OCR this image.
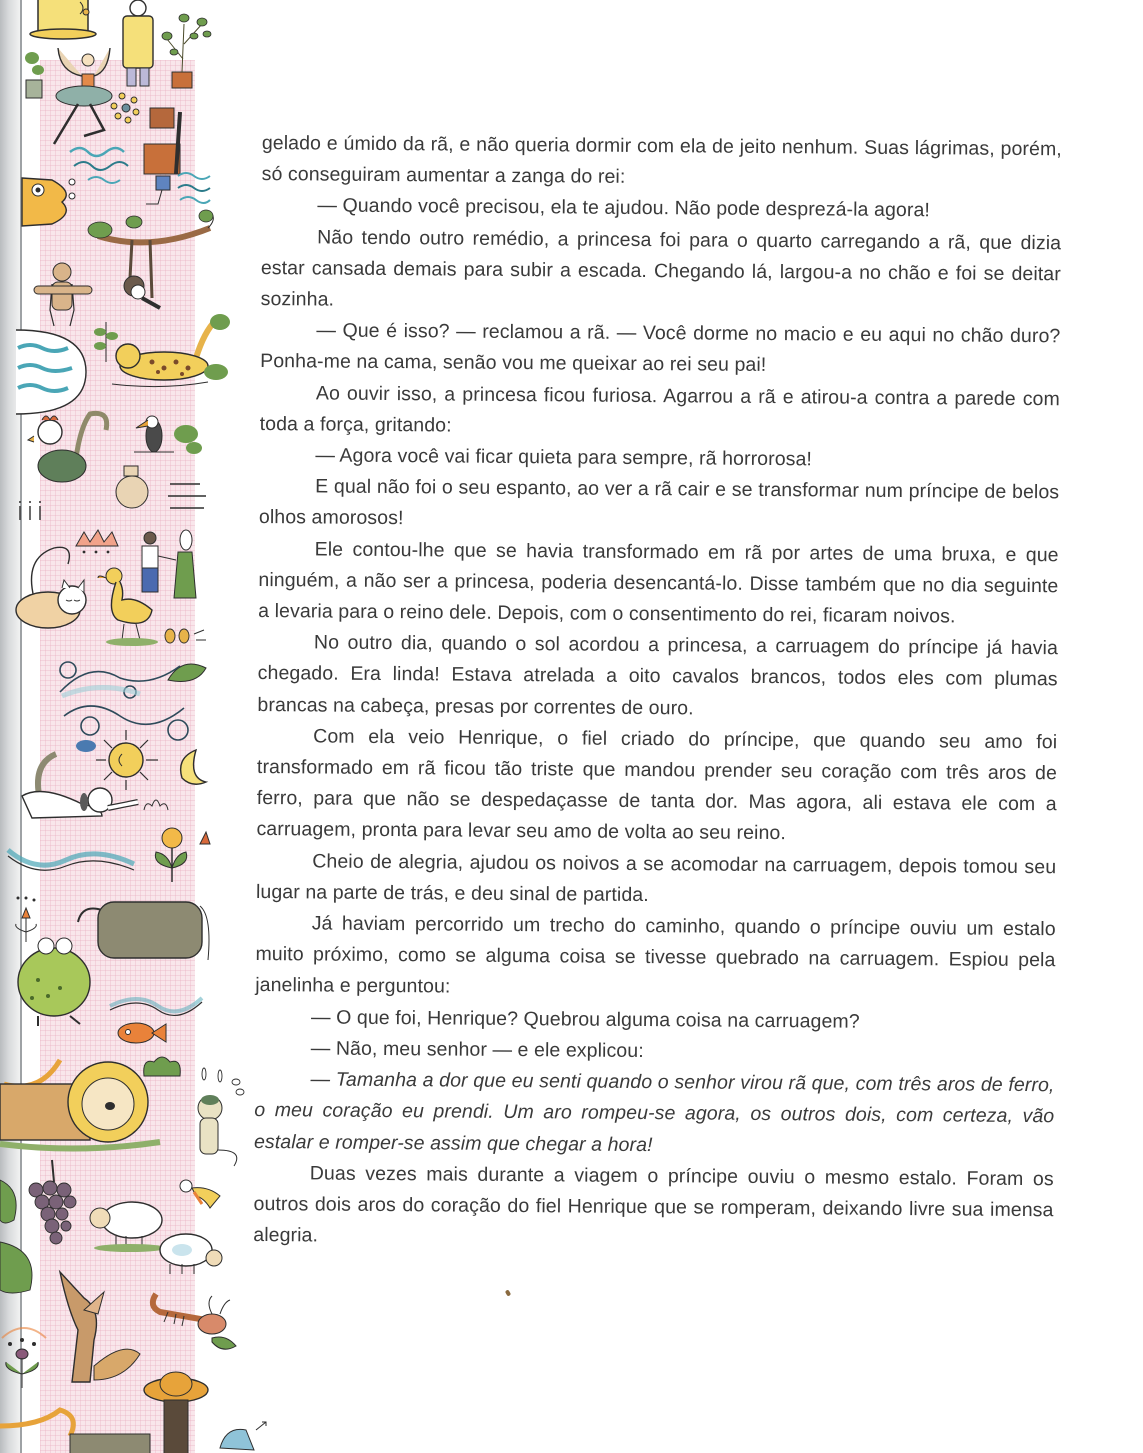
gelado e úmido da rã, e não queria dormir com ela de jeito nenhum. Suas lágrimas, porém, só conseguiram aumentar a zanga do rei:

— Quando você precisou, ela te ajudou. Não pode desprezá-la agora!

Não tendo outro remédio, a princesa foi para o quarto carregando a rã, que dizia estar cansada demais para subir a escada. Chegando lá, largou-a no chão e foi se deitar sozinha.

— Que é isso? — reclamou a rã. — Você dorme no macio e eu aqui no chão duro? Ponha-me na cama, senão vou me queixar ao rei seu pai!

Ao ouvir isso, a princesa ficou furiosa. Agarrou a rã e atirou-a contra a parede com toda a força, gritando:

— Agora você vai ficar quieta para sempre, rã horrorosa!

E qual não foi o seu espanto, ao ver a rã cair e se transformar num príncipe de belos olhos amorosos!

Ele contou-lhe que se havia transformado em rã por artes de uma bruxa, e que ninguém, a não ser a princesa, poderia desencantá-lo. Disse também que no dia seguinte a levaria para o reino dele. Depois, com o consentimento do rei, ficaram noivos.

No outro dia, quando o sol acordou a princesa, a carruagem do príncipe já havia chegado. Era linda! Estava atrelada a oito cavalos brancos, todos eles com plumas brancas na cabeça, presas por correntes de ouro.

Com ela veio Henrique, o fiel criado do príncipe, que quando seu amo foi transformado em rã ficou tão triste que mandou prender seu coração com três aros de ferro, para que não se despedaçasse de tanta dor. Mas agora, ali estava ele com a carruagem, pronta para levar seu amo de volta ao seu reino.

Cheio de alegria, ajudou os noivos a se acomodar na carruagem, depois tomou seu lugar na parte de trás, e deu sinal de partida.

Já haviam percorrido um trecho do caminho, quando o príncipe ouviu um estalo muito próximo, como se alguma coisa se tivesse quebrado na carruagem. Espiou pela janelinha e perguntou:

— O que foi, Henrique? Quebrou alguma coisa na carruagem?

— Não, meu senhor — e ele explicou:

— Tamanha a dor que eu senti quando o senhor virou rã que, com três aros de ferro, o meu coração eu prendi. Um aro rompeu-se agora, os outros dois, com certeza, vão estalar e romper-se assim que chegar a hora!

Duas vezes mais durante a viagem o príncipe ouviu o mesmo estalo. Foram os outros dois aros do coração do fiel Henrique que se romperam, deixando livre sua imensa alegria.
